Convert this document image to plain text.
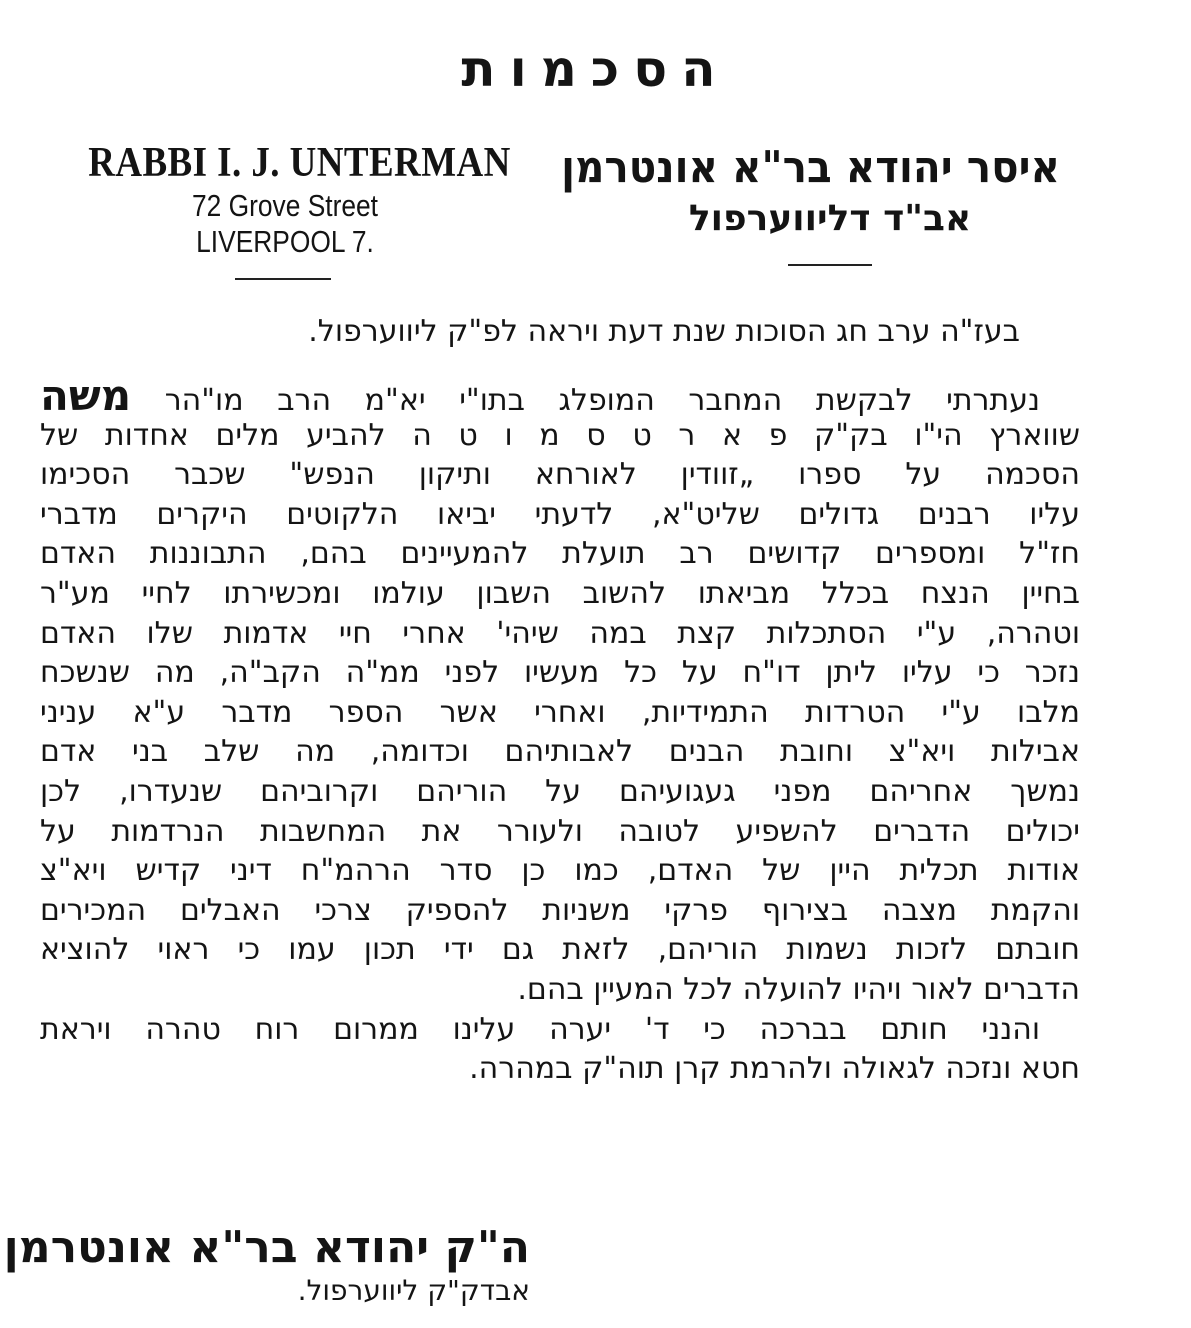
הסכמות
RABBI I. J. UNTERMAN
72 Grove Street
LIVERPOOL 7.
איסר יהודא בר"א אונטרמן
אב"ד דליווערפול
בעז"ה ערב חג הסוכות שנת דעת ויראה לפ"ק ליווערפול.
נעתרתי לבקשת המחבר המופלג בתו"י יא"מ הרב מו"הר משה
שווארץ הי"ו בק"ק פ א ר ט ס מ ו ט ה להביע מלים אחדות של
הסכמה על ספרו „זוודין לאורחא ותיקון הנפש" שכבר הסכימו
עליו רבנים גדולים שליט"א, לדעתי יביאו הלקוטים היקרים מדברי
חז"ל ומספרים קדושים רב תועלת להמעיינים בהם, התבוננות האדם
בחיין הנצח בכלל מביאתו להשוב השבון עולמו ומכשירתו לחיי מע"ר
וטהרה, ע"י הסתכלות קצת במה שיהי' אחרי חיי אדמות שלו האדם
נזכר כי עליו ליתן דו"ח על כל מעשיו לפני ממ"ה הקב"ה, מה שנשכח
מלבו ע"י הטרדות התמידיות, ואחרי אשר הספר מדבר ע"א עניני
אבילות ויא"צ וחובת הבנים לאבותיהם וכדומה, מה שלב בני אדם
נמשך אחריהם מפני געגועיהם על הוריהם וקרוביהם שנעדרו, לכן
יכולים הדברים להשפיע לטובה ולעורר את המחשבות הנרדמות על
אודות תכלית היין של האדם, כמו כן סדר הרהמ"ח דיני קדיש ויא"צ
והקמת מצבה בצירוף פרקי משניות להספיק צרכי האבלים המכירים
חובתם לזכות נשמות הוריהם, לזאת גם ידי תכון עמו כי ראוי להוציא
הדברים לאור ויהיו להועלה לכל המעיין בהם.
והנני חותם בברכה כי ד' יערה עלינו ממרום רוח טהרה ויראת
חטא ונזכה לגאולה ולהרמת קרן תוה"ק במהרה.
ה"ק יהודא בר"א אונטרמן
אבדק"ק ליווערפול.
